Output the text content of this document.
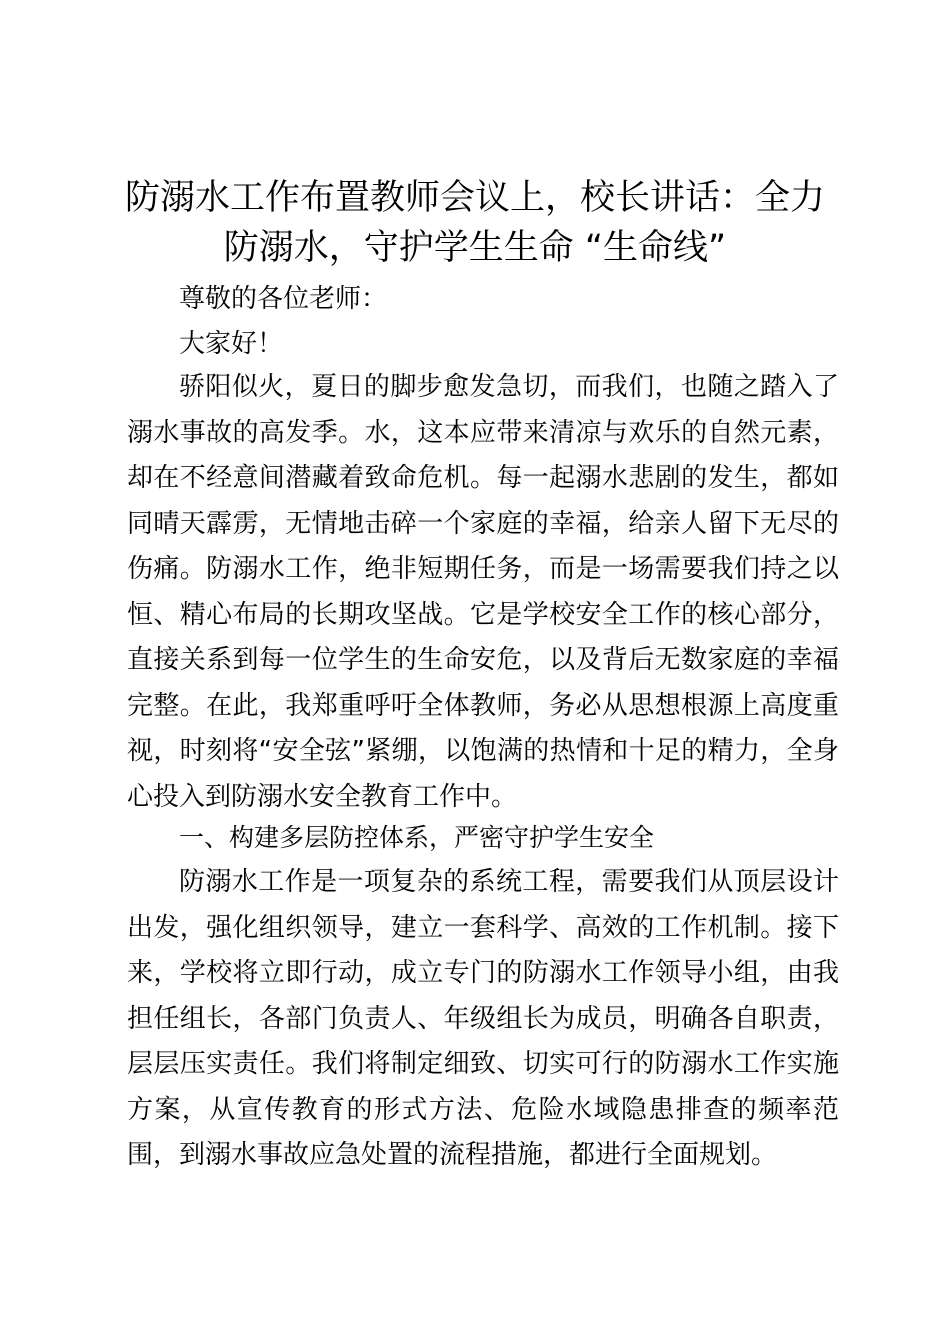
防溺水工作布置教师会议上，校长讲话：全力
防溺水，守护学生生命 “生命线”

尊敬的各位老师：

大家好！

骄阳似火，夏日的脚步愈发急切，而我们，也随之踏入了溺水事故的高发季。水，这本应带来清凉与欢乐的自然元素，却在不经意间潜藏着致命危机。每一起溺水悲剧的发生，都如同晴天霹雳，无情地击碎一个家庭的幸福，给亲人留下无尽的伤痛。防溺水工作，绝非短期任务，而是一场需要我们持之以恒、精心布局的长期攻坚战。它是学校安全工作的核心部分，直接关系到每一位学生的生命安危，以及背后无数家庭的幸福完整。在此，我郑重呼吁全体教师，务必从思想根源上高度重视，时刻将“安全弦”紧绷，以饱满的热情和十足的精力，全身心投入到防溺水安全教育工作中。

一、构建多层防控体系，严密守护学生安全

防溺水工作是一项复杂的系统工程，需要我们从顶层设计出发，强化组织领导，建立一套科学、高效的工作机制。接下来，学校将立即行动，成立专门的防溺水工作领导小组，由我担任组长，各部门负责人、年级组长为成员，明确各自职责，层层压实责任。我们将制定细致、切实可行的防溺水工作实施方案，从宣传教育的形式方法、危险水域隐患排查的频率范围，到溺水事故应急处置的流程措施，都进行全面规划。
